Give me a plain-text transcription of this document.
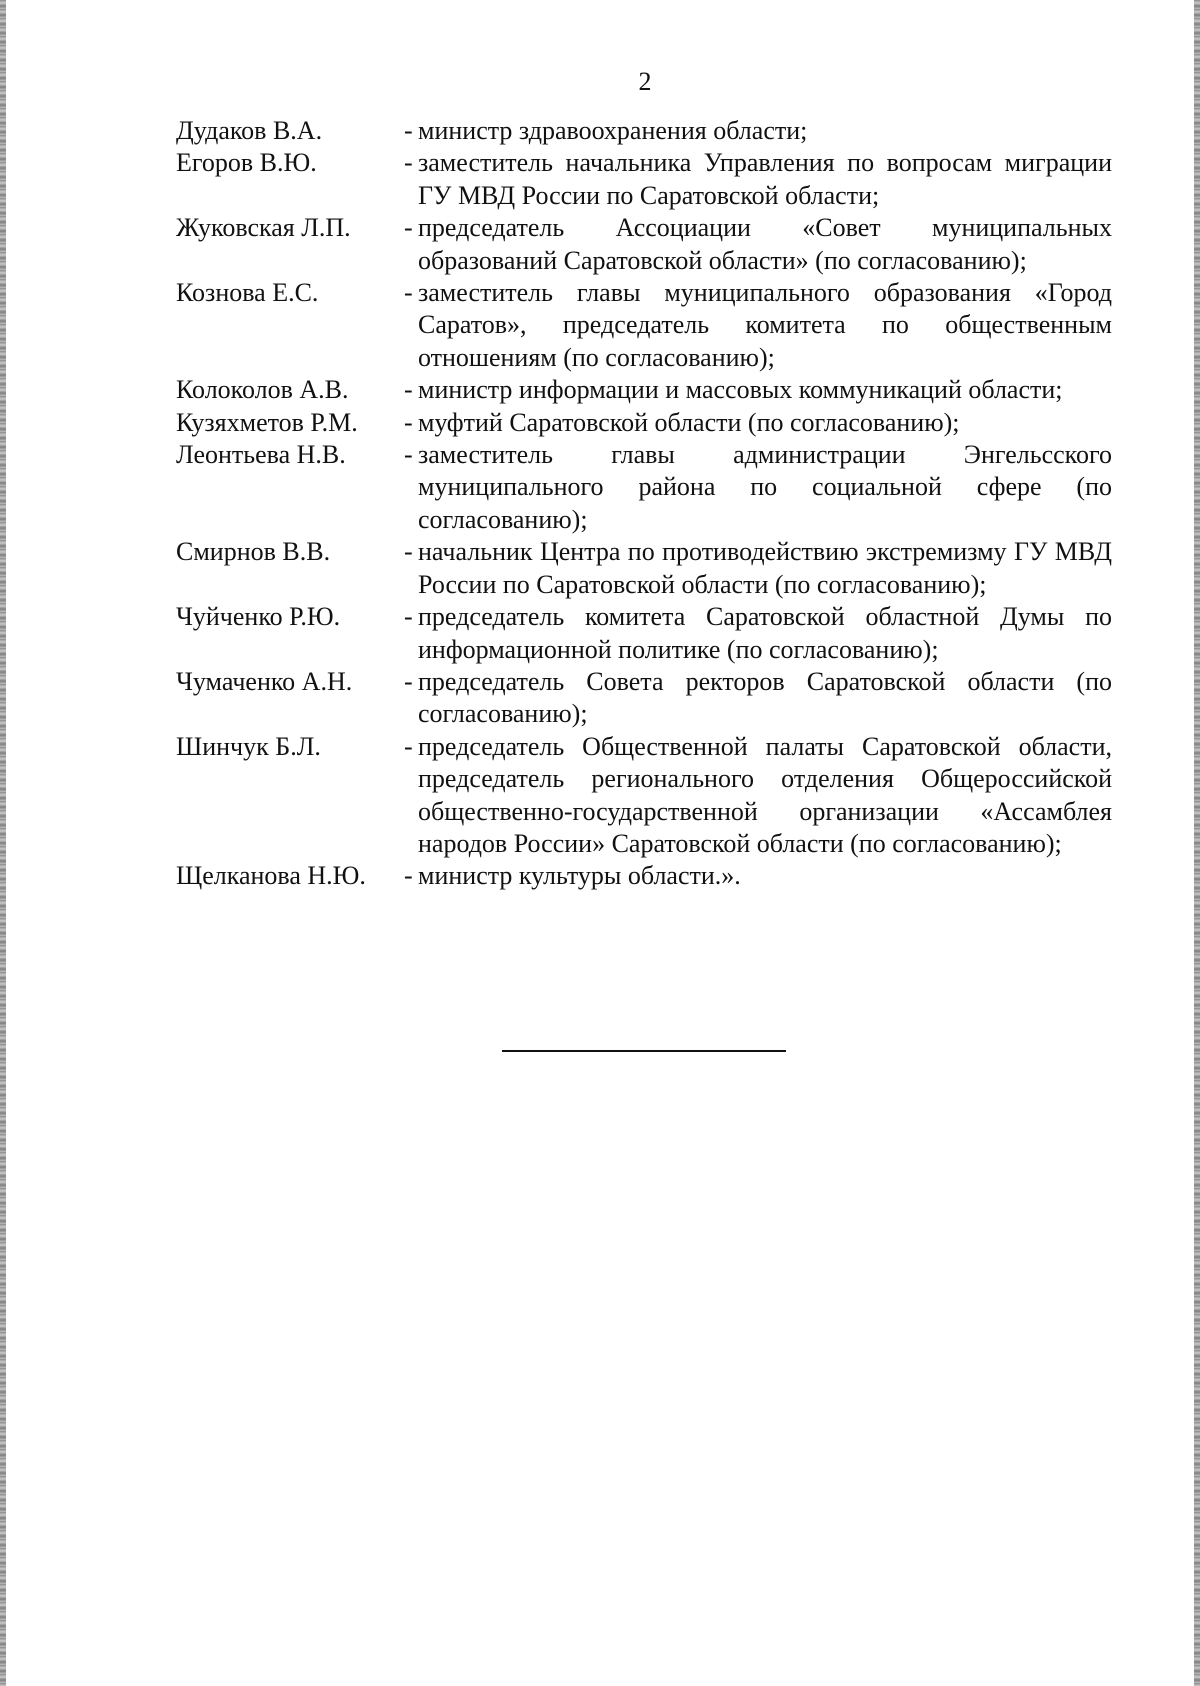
2
Дудаков В.А.	- министр здравоохранения области;
Егоров В.Ю.	- заместитель начальника Управления по вопросам миграции ГУ МВД России по Саратовской области;
Жуковская Л.П.	- председатель Ассоциации «Совет муниципальных образований Саратовской области» (по согласованию);
Кознова Е.С.	- заместитель главы муниципального образования «Город Саратов», председатель комитета по общественным отношениям (по согласованию);
Колоколов А.В.	- министр информации и массовых коммуникаций области;
Кузяхметов Р.М.	- муфтий Саратовской области (по согласованию);
Леонтьева Н.В.	- заместитель главы администрации Энгельсского муниципального района по социальной сфере (по согласованию);
Смирнов В.В.	- начальник Центра по противодействию экстремизму ГУ МВД России по Саратовской области (по согласованию);
Чуйченко Р.Ю.	- председатель комитета Саратовской областной Думы по информационной политике (по согласованию);
Чумаченко А.Н.	- председатель Совета ректоров Саратовской области (по согласованию);
Шинчук Б.Л.	- председатель Общественной палаты Саратовской области, председатель регионального отделения Общероссийской общественно-государственной организации «Ассамблея народов России» Саратовской области (по согласованию);
Щелканова Н.Ю.	- министр культуры области.».
